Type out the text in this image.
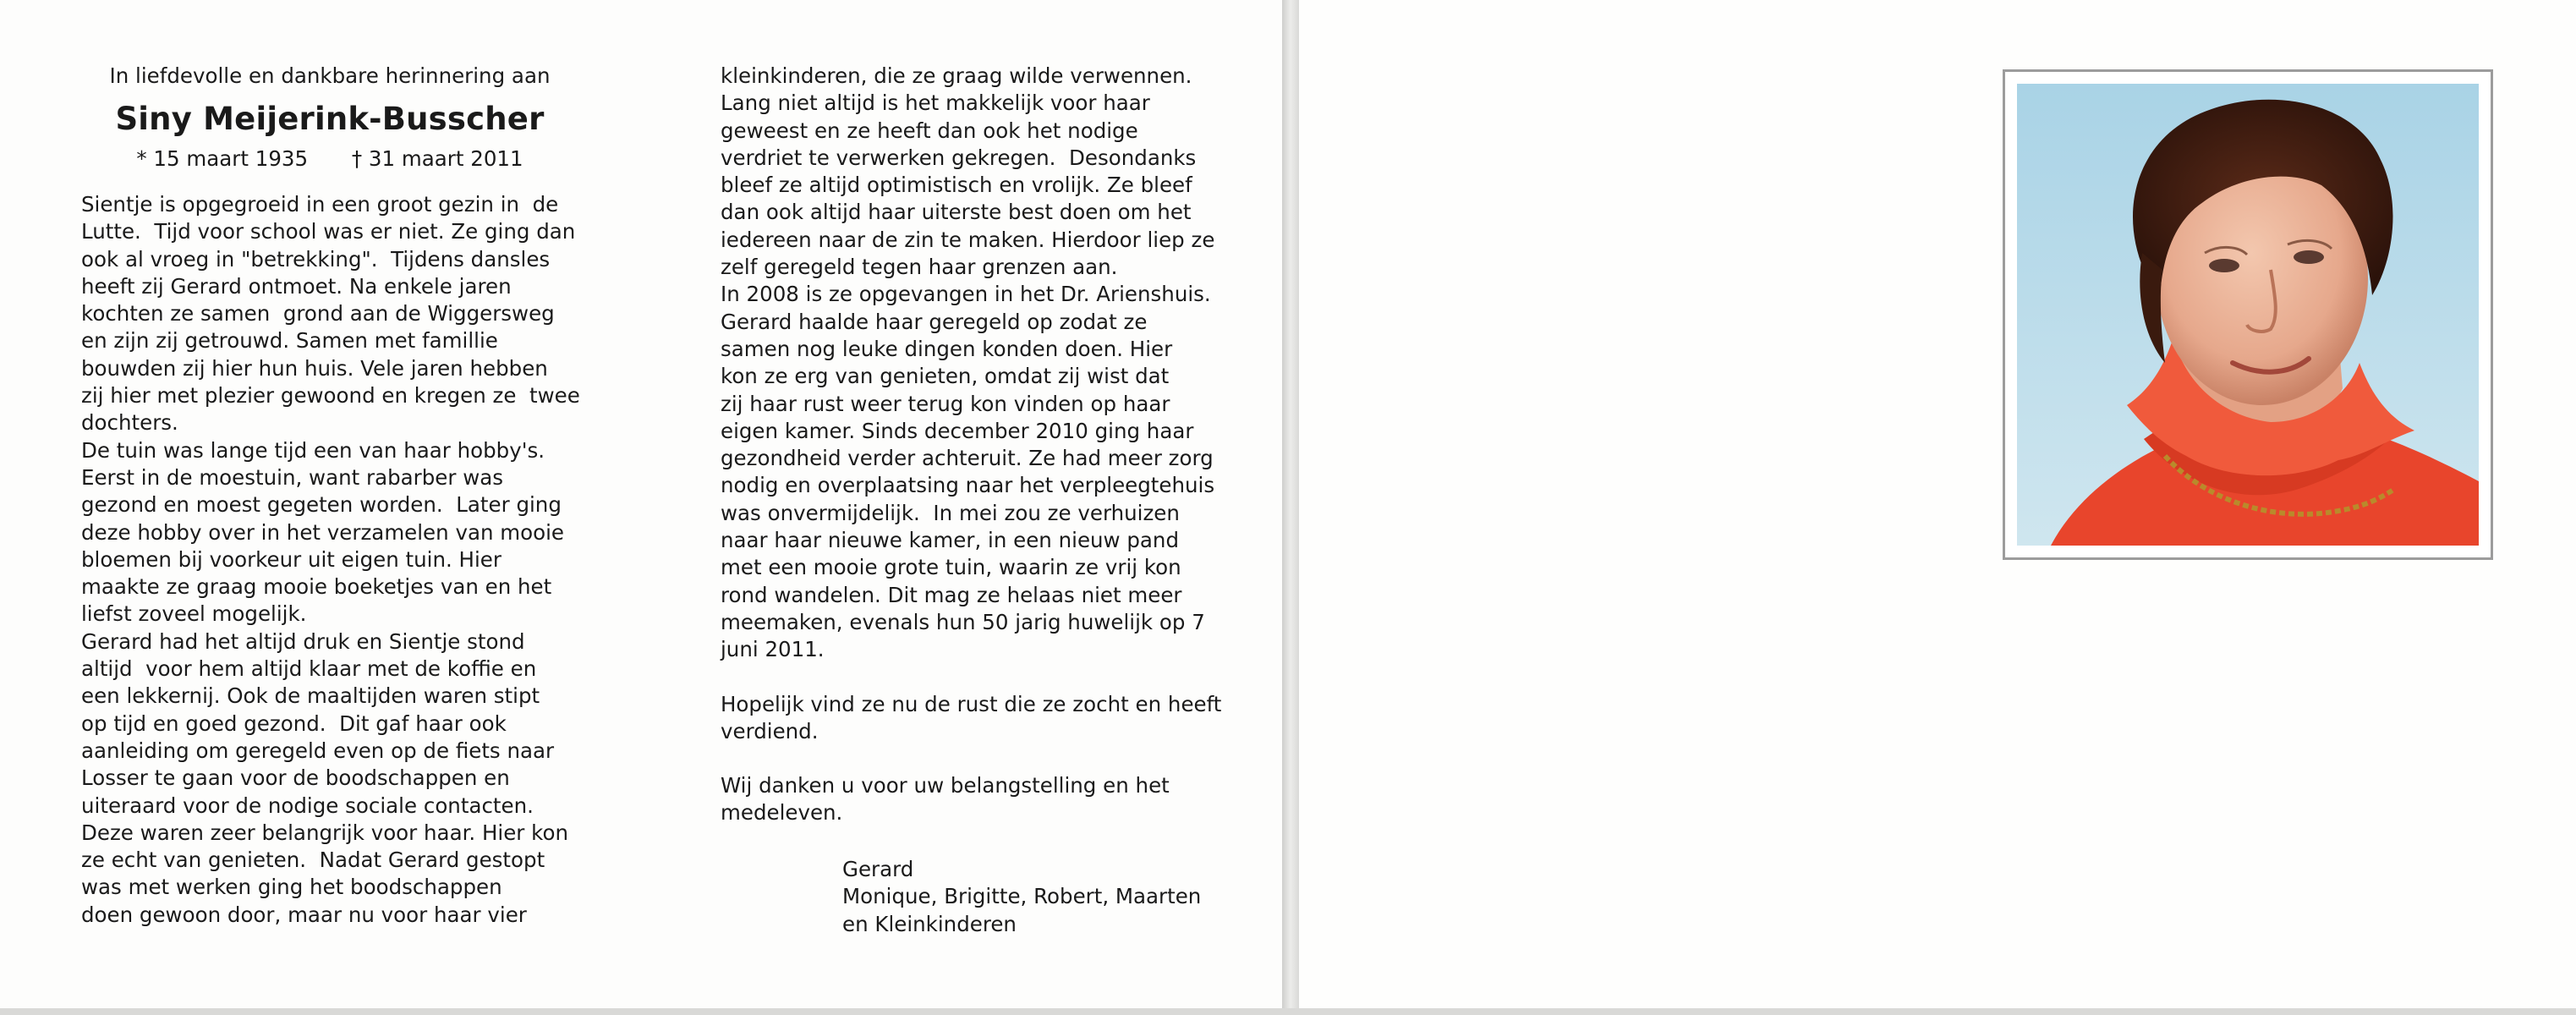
In liefdevolle en dankbare herinnering aan
Siny Meijerink-Busscher
* 15 maart 1935 † 31 maart 2011

Sientje is opgegroeid in een groot gezin in  de

Lutte.  Tijd voor school was er niet. Ze ging dan

ook al vroeg in "betrekking".  Tijdens dansles

heeft zij Gerard ontmoet. Na enkele jaren

kochten ze samen  grond aan de Wiggersweg

en zijn zij getrouwd. Samen met famillie

bouwden zij hier hun huis. Vele jaren hebben

zij hier met plezier gewoond en kregen ze  twee

dochters.

De tuin was lange tijd een van haar hobby's.

Eerst in de moestuin, want rabarber was

gezond en moest gegeten worden.  Later ging

deze hobby over in het verzamelen van mooie

bloemen bij voorkeur uit eigen tuin. Hier

maakte ze graag mooie boeketjes van en het

liefst zoveel mogelijk.

Gerard had het altijd druk en Sientje stond

altijd  voor hem altijd klaar met de koffie en

een lekkernij. Ook de maaltijden waren stipt

op tijd en goed gezond.  Dit gaf haar ook

aanleiding om geregeld even op de fiets naar

Losser te gaan voor de boodschappen en

uiteraard voor de nodige sociale contacten.

Deze waren zeer belangrijk voor haar. Hier kon

ze echt van genieten.  Nadat Gerard gestopt

was met werken ging het boodschappen

doen gewoon door, maar nu voor haar vier

kleinkinderen, die ze graag wilde verwennen.

Lang niet altijd is het makkelijk voor haar

geweest en ze heeft dan ook het nodige

verdriet te verwerken gekregen.  Desondanks

bleef ze altijd optimistisch en vrolijk. Ze bleef

dan ook altijd haar uiterste best doen om het

iedereen naar de zin te maken. Hierdoor liep ze

zelf geregeld tegen haar grenzen aan.

In 2008 is ze opgevangen in het Dr. Arienshuis.

Gerard haalde haar geregeld op zodat ze

samen nog leuke dingen konden doen. Hier

kon ze erg van genieten, omdat zij wist dat

zij haar rust weer terug kon vinden op haar

eigen kamer. Sinds december 2010 ging haar

gezondheid verder achteruit. Ze had meer zorg

nodig en overplaatsing naar het verpleegtehuis

was onvermijdelijk.  In mei zou ze verhuizen

naar haar nieuwe kamer, in een nieuw pand

met een mooie grote tuin, waarin ze vrij kon

rond wandelen. Dit mag ze helaas niet meer

meemaken, evenals hun 50 jarig huwelijk op 7

juni 2011.

Hopelijk vind ze nu de rust die ze zocht en heeft

verdiend.

Wij danken u voor uw belangstelling en het

medeleven.

Gerard

Monique, Brigitte, Robert, Maarten

en Kleinkinderen
